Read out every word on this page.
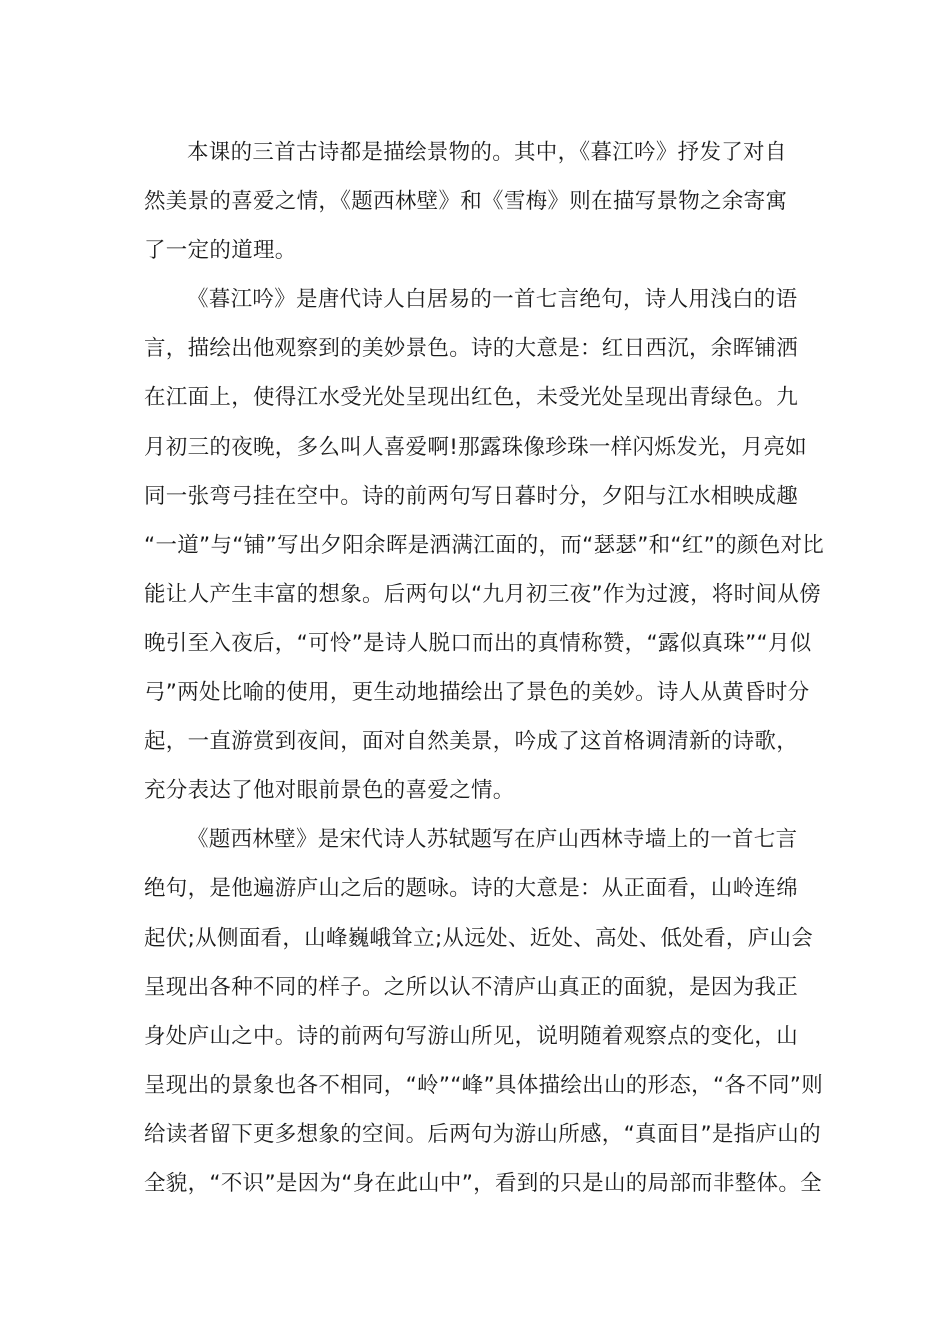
本课的三首古诗都是描绘景物的。其中，《暮江吟》抒发了对自
然美景的喜爱之情，《题西林壁》和《雪梅》则在描写景物之余寄寓
了一定的道理。
《暮江吟》是唐代诗人白居易的一首七言绝句，诗人用浅白的语
言，描绘出他观察到的美妙景色。诗的大意是：红日西沉，余晖铺洒
在江面上，使得江水受光处呈现出红色，未受光处呈现出青绿色。九
月初三的夜晚，多么叫人喜爱啊!那露珠像珍珠一样闪烁发光，月亮如
同一张弯弓挂在空中。诗的前两句写日暮时分，夕阳与江水相映成趣
“一道”与“铺”写出夕阳余晖是洒满江面的，而“瑟瑟”和“红”的颜色对比
能让人产生丰富的想象。后两句以“九月初三夜”作为过渡，将时间从傍
晚引至入夜后，“可怜”是诗人脱口而出的真情称赞，“露似真珠”“月似
弓”两处比喻的使用，更生动地描绘出了景色的美妙。诗人从黄昏时分
起，一直游赏到夜间，面对自然美景，吟成了这首格调清新的诗歌，
充分表达了他对眼前景色的喜爱之情。
《题西林壁》是宋代诗人苏轼题写在庐山西林寺墙上的一首七言
绝句，是他遍游庐山之后的题咏。诗的大意是：从正面看，山岭连绵
起伏;从侧面看，山峰巍峨耸立;从远处、近处、高处、低处看，庐山会
呈现出各种不同的样子。之所以认不清庐山真正的面貌，是因为我正
身处庐山之中。诗的前两句写游山所见，说明随着观察点的变化，山
呈现出的景象也各不相同，“岭”“峰”具体描绘出山的形态，“各不同”则
给读者留下更多想象的空间。后两句为游山所感，“真面目”是指庐山的
全貌，“不识”是因为“身在此山中”，看到的只是山的局部而非整体。全
